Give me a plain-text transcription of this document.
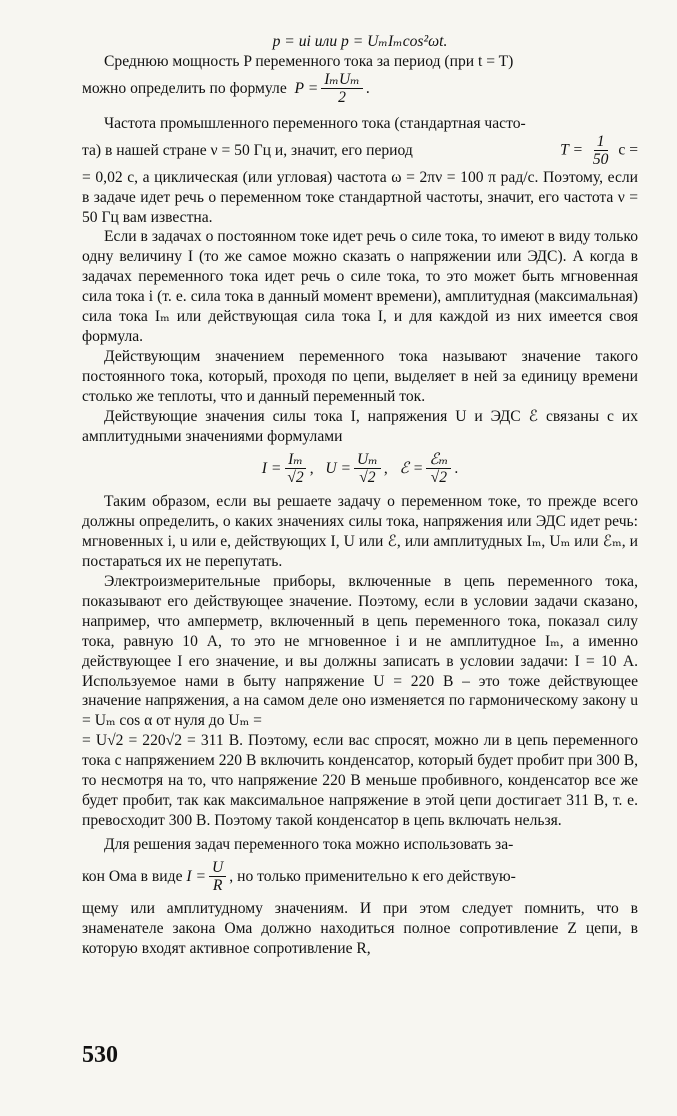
p = ui или p = UₘIₘcos²ωt.

Среднюю мощность P переменного тока за период (при t = T)

можно определить по формуле
$P = \frac{\text{IₘUₘ}}{2}$ .

Частота промышленного переменного тока (стандартная часто-

та) в нашей стране ν = 50 Гц и, значит, его период	$T = \frac{1}{50}$ с =

= 0,02 с, а циклическая (или угловая) частота ω = 2πν = 100 π рад/с. Поэтому, если в задаче идет речь о переменном токе стандартной частоты, значит, его частота ν = 50 Гц вам известна.

Если в задачах о постоянном токе идет речь о силе тока, то имеют в виду только одну величину I (то же самое можно сказать о напряжении или ЭДС). А когда в задачах переменного тока идет речь о силе тока, то это может быть мгновенная сила тока i (т. е. сила тока в данный момент времени), амплитудная (максимальная) сила тока Iₘ или действующая сила тока I, и для каждой из них имеется своя формула.

Действующим значением переменного тока называют значение такого постоянного тока, который, проходя по цепи, выделяет в ней за единицу времени столько же теплоты, что и данный переменный ток.

Действующие значения силы тока I, напряжения U и ЭДС ℰ связаны с их амплитудными значениями формулами

$I = \frac{\text{Iₘ}}{√2}$ , $U = \frac{\text{Uₘ}}{√2}$ , ℰ = $\frac{\text{ℰₘ}}{√2}$ .

Таким образом, если вы решаете задачу о переменном токе, то прежде всего должны определить, о каких значениях силы тока, напряжения или ЭДС идет речь: мгновенных i, u или e, действующих I, U или ℰ, или амплитудных Iₘ, Uₘ или ℰₘ, и постараться их не перепутать.

Электроизмерительные приборы, включенные в цепь переменного тока, показывают его действующее значение. Поэтому, если в условии задачи сказано, например, что амперметр, включенный в цепь переменного тока, показал силу тока, равную 10 А, то это не мгновенное i и не амплитудное Iₘ, а именно действующее I его значение, и вы должны записать в условии задачи: I = 10 А. Используемое нами в быту напряжение U = 220 В – это тоже действующее значение напряжения, а на самом деле оно изменяется по гармоническому закону u = Uₘ cos α от нуля до Uₘ =

= U√2 = 220√2 = 311 В. Поэтому, если вас спросят, можно ли в цепь переменного тока с напряжением 220 В включить конденсатор, который будет пробит при 300 В, то несмотря на то, что напряжение 220 В меньше пробивного, конденсатор все же будет пробит, так как максимальное напряжение в этой цепи достигает 311 В, т. е. превосходит 300 В. Поэтому такой конденсатор в цепь включать нельзя.

Для решения задач переменного тока можно использовать за-

кон Ома в виде
$I = \frac{U}{R}$ , но только применительно к его действую-

щему или амплитудному значениям. И при этом следует помнить, что в знаменателе закона Ома должно находиться полное сопротивление Z цепи, в которую входят активное сопротивление R,

530
